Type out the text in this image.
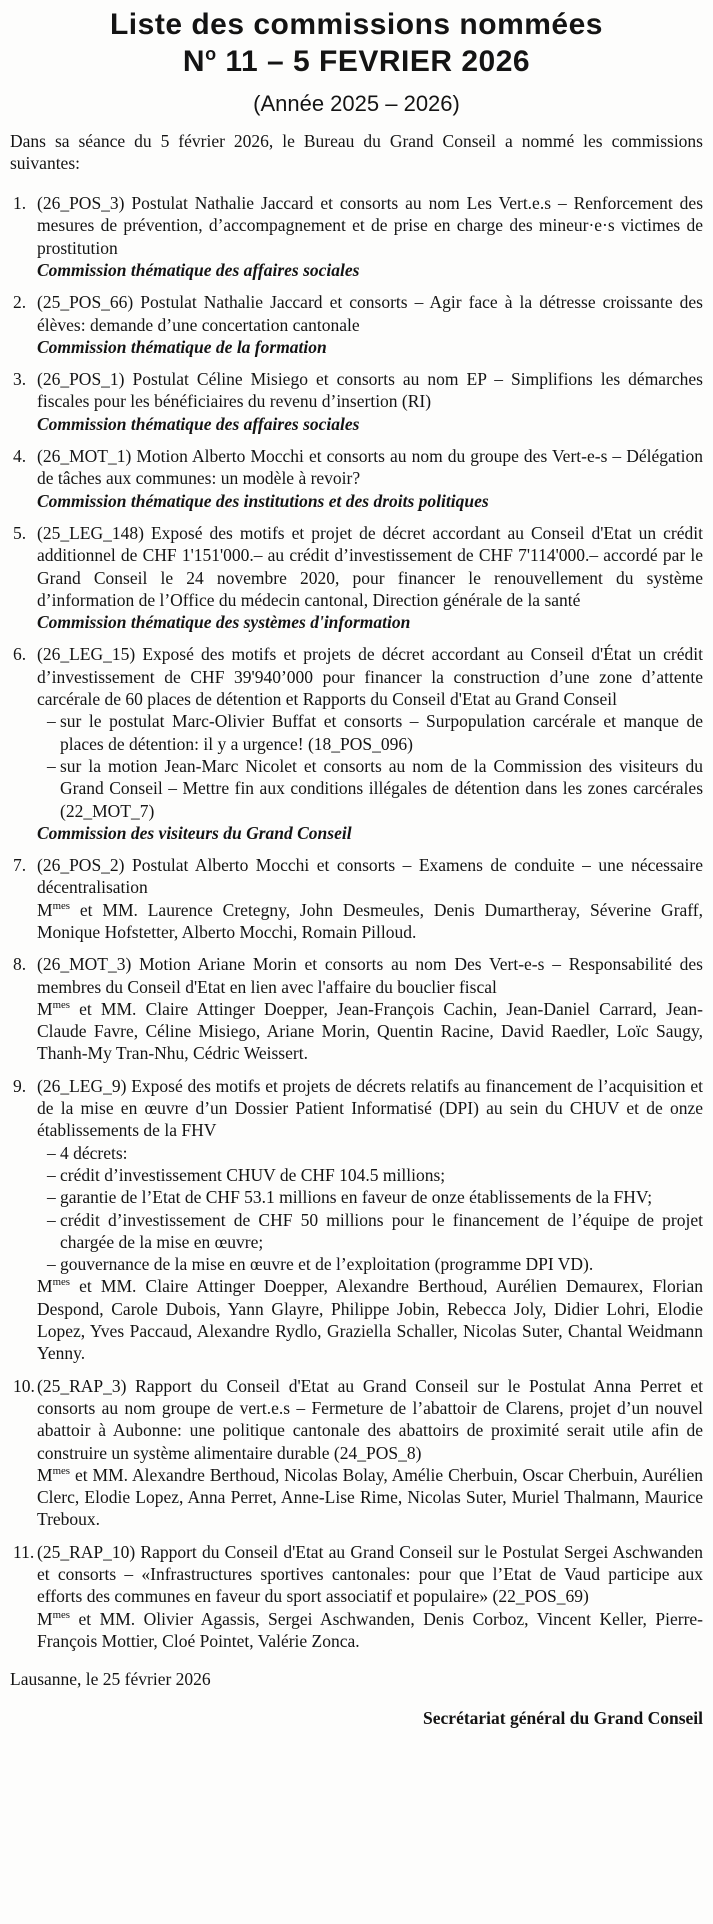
Liste des commissions nommées
$N^o$ 11 – 5 FEVRIER 2026
(Année 2025 – 2026)

Dans sa séance du 5 février 2026, le Bureau du Grand Conseil a nommé les commissions suivantes:

1. (26_POS_3) Postulat Nathalie Jaccard et consorts au nom Les Vert.e.s – Renforcement des mesures de prévention, d’accompagnement et de prise en charge des mineur·e·s victimes de prostitution

Commission thématique des affaires sociales

2. (25_POS_66) Postulat Nathalie Jaccard et consorts – Agir face à la détresse croissante des élèves: demande d’une concertation cantonale

Commission thématique de la formation

3. (26_POS_1) Postulat Céline Misiego et consorts au nom EP – Simplifions les démarches fiscales pour les bénéficiaires du revenu d’insertion (RI)

Commission thématique des affaires sociales

4. (26_MOT_1) Motion Alberto Mocchi et consorts au nom du groupe des Vert-e-s – Délégation de tâches aux communes: un modèle à revoir?

Commission thématique des institutions et des droits politiques

5. (25_LEG_148) Exposé des motifs et projet de décret accordant au Conseil d'Etat un crédit additionnel de CHF 1'151'000.– au crédit d’investissement de CHF 7'114'000.– accordé par le Grand Conseil le 24 novembre 2020, pour financer le renouvellement du système d’information de l’Office du médecin cantonal, Direction générale de la santé

Commission thématique des systèmes d'information

6. (26_LEG_15) Exposé des motifs et projets de décret accordant au Conseil d'État un crédit d’investissement de CHF 39'940’000 pour financer la construction d’une zone d’attente carcérale de 60 places de détention et Rapports du Conseil d'Etat au Grand Conseil

– sur le postulat Marc-Olivier Buffat et consorts – Surpopulation carcérale et manque de places de détention: il y a urgence! (18_POS_096)
– sur la motion Jean-Marc Nicolet et consorts au nom de la Commission des visiteurs du Grand Conseil – Mettre fin aux conditions illégales de détention dans les zones carcérales (22_MOT_7)

Commission des visiteurs du Grand Conseil

7. (26_POS_2) Postulat Alberto Mocchi et consorts – Examens de conduite – une nécessaire décentralisation

$M^{mes}$ et MM. Laurence Cretegny, John Desmeules, Denis Dumartheray, Séverine Graff, Monique Hofstetter, Alberto Mocchi, Romain Pilloud.

8. (26_MOT_3) Motion Ariane Morin et consorts au nom Des Vert-e-s – Responsabilité des membres du Conseil d'Etat en lien avec l'affaire du bouclier fiscal

$M^{mes}$ et MM. Claire Attinger Doepper, Jean-François Cachin, Jean-Daniel Carrard, Jean-Claude Favre, Céline Misiego, Ariane Morin, Quentin Racine, David Raedler, Loïc Saugy, Thanh-My Tran-Nhu, Cédric Weissert.

9. (26_LEG_9) Exposé des motifs et projets de décrets relatifs au financement de l’acquisition et de la mise en œuvre d’un Dossier Patient Informatisé (DPI) au sein du CHUV et de onze établissements de la FHV

– 4 décrets:
– crédit d’investissement CHUV de CHF 104.5 millions;
– garantie de l’Etat de CHF 53.1 millions en faveur de onze établissements de la FHV;
– crédit d’investissement de CHF 50 millions pour le financement de l’équipe de projet chargée de la mise en œuvre;
– gouvernance de la mise en œuvre et de l’exploitation (programme DPI VD).

$M^{mes}$ et MM. Claire Attinger Doepper, Alexandre Berthoud, Aurélien Demaurex, Florian Despond, Carole Dubois, Yann Glayre, Philippe Jobin, Rebecca Joly, Didier Lohri, Elodie Lopez, Yves Paccaud, Alexandre Rydlo, Graziella Schaller, Nicolas Suter, Chantal Weidmann Yenny.

10. (25_RAP_3) Rapport du Conseil d'Etat au Grand Conseil sur le Postulat Anna Perret et consorts au nom groupe de vert.e.s – Fermeture de l’abattoir de Clarens, projet d’un nouvel abattoir à Aubonne: une politique cantonale des abattoirs de proximité serait utile afin de construire un système alimentaire durable (24_POS_8)

$M^{mes}$ et MM. Alexandre Berthoud, Nicolas Bolay, Amélie Cherbuin, Oscar Cherbuin, Aurélien Clerc, Elodie Lopez, Anna Perret, Anne-Lise Rime, Nicolas Suter, Muriel Thalmann, Maurice Treboux.

11. (25_RAP_10) Rapport du Conseil d'Etat au Grand Conseil sur le Postulat Sergei Aschwanden et consorts – «Infrastructures sportives cantonales: pour que l’Etat de Vaud participe aux efforts des communes en faveur du sport associatif et populaire» (22_POS_69)

$M^{mes}$ et MM. Olivier Agassis, Sergei Aschwanden, Denis Corboz, Vincent Keller, Pierre-François Mottier, Cloé Pointet, Valérie Zonca.

Lausanne, le 25 février 2026
Secrétariat général du Grand Conseil
